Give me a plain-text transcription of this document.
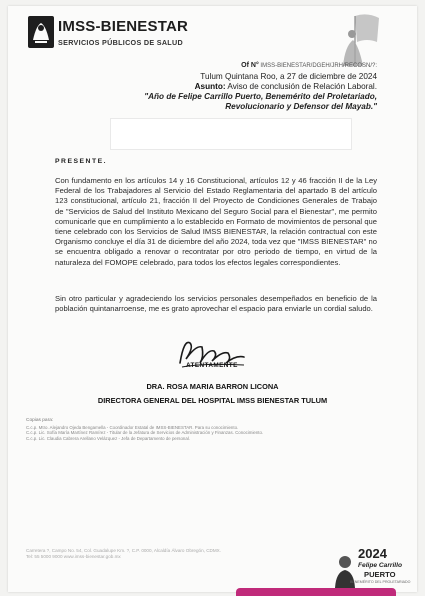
IMSS-BIENESTAR
SERVICIOS PÚBLICOS DE SALUD
Of N° IMSS-BIENESTAR/DGEH/JRH/RECOSN/?:
Tulum Quintana Roo, a 27 de diciembre de 2024
Asunto: Aviso de conclusión de Relación Laboral.
"Año de Felipe Carrillo Puerto, Benemérito del Proletariado, Revolucionario y Defensor del Mayab."
PRESENTE.
Con fundamento en los artículos 14 y 16 Constitucional, artículos 12 y 46 fracción II de la Ley Federal de los Trabajadores al Servicio del Estado Reglamentaria del apartado B del artículo 123 constitucional, artículo 21, fracción II del Proyecto de Condiciones Generales de Trabajo de "Servicios de Salud del Instituto Mexicano del Seguro Social para el Bienestar", me permito comunicarle que en cumplimiento a lo establecido en Formato de movimientos de personal que tiene celebrado con los Servicios de Salud IMSS BIENESTAR, la relación contractual con este Organismo concluye el día 31 de diciembre del año 2024, toda vez que "IMSS BIENESTAR" no se encuentra obligado a renovar o recontratar por otro periodo de tiempo, en virtud de la naturaleza del FOMOPE celebrado, para todos los efectos legales correspondientes.
Sin otro particular y agradeciendo los servicios personales desempeñados en beneficio de la población quintanarroense, me es grato aprovechar el espacio para enviarle un cordial saludo.
ATENTAMENTE
DRA. ROSA MARIA BARRON LICONA
DIRECTORA GENERAL DEL HOSPITAL IMSS BIENESTAR TULUM
Copias para:
C.c.p. Mtro. Alejandro Ojeda Bengamella - Coordinador Estatal de IMSS-BIENESTAR. Para su conocimiento.
C.c.p. Lic. Sofía María Martínez Ramírez - Titular de la Jefatura de Servicios de Administración y Finanzas. Conocimiento.
C.c.p. Lic. Claudia Cabrera Arellano Velázquez - Jefa de Departamento de personal.
Carretera ?, Campo No. 54, Col. Guadalupe Km. ?, C.P. 0000, Alcaldía Álvaro Obregón, CDMX.
Tel: 55 5000 9000 www.imss-bienestar.gob.mx	2024
Felipe Carrillo
PUERTO
BENEMÉRITO DEL PROLETARIADO
